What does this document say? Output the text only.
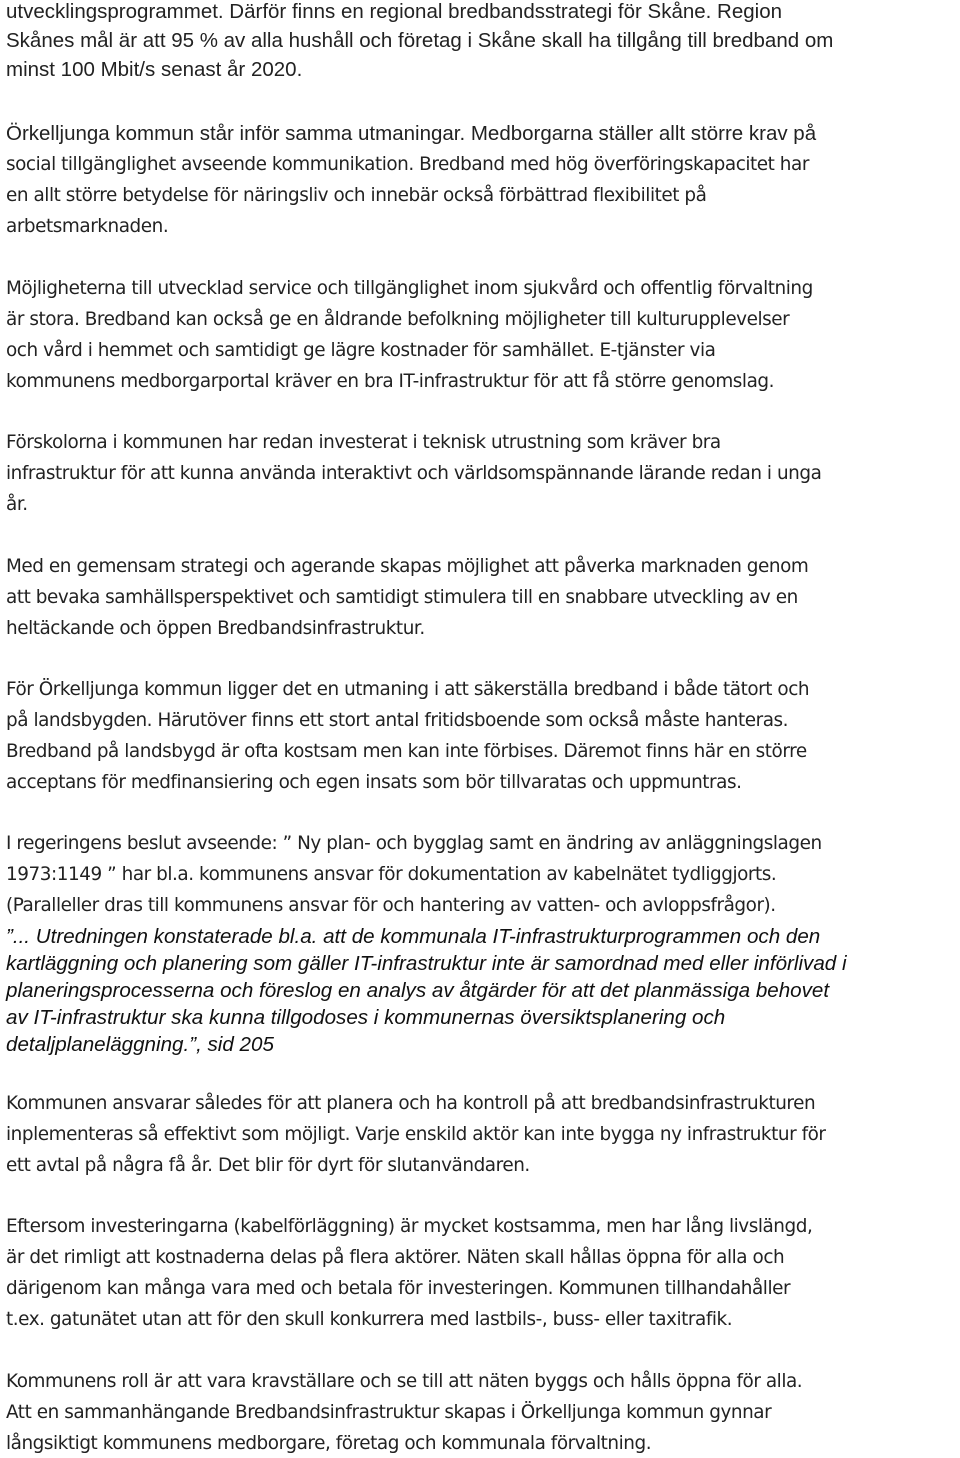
utvecklingsprogrammet. Därför finns en regional bredbandsstrategi för Skåne. Region
Skånes mål är att 95 % av alla hushåll och företag i Skåne skall ha tillgång till bredband om
minst 100 Mbit/s senast år 2020.
Örkelljunga kommun står inför samma utmaningar. Medborgarna ställer allt större krav på
social tillgänglighet avseende kommunikation. Bredband med hög överföringskapacitet har
en allt större betydelse för näringsliv och innebär också förbättrad flexibilitet på
arbetsmarknaden.
Möjligheterna till utvecklad service och tillgänglighet inom sjukvård och offentlig förvaltning
är stora. Bredband kan också ge en åldrande befolkning möjligheter till kulturupplevelser
och vård i hemmet och samtidigt ge lägre kostnader för samhället. E-tjänster via
kommunens medborgarportal kräver en bra IT-infrastruktur för att få större genomslag.
Förskolorna i kommunen har redan investerat i teknisk utrustning som kräver bra
infrastruktur för att kunna använda interaktivt och världsomspännande lärande redan i unga
år.
Med en gemensam strategi och agerande skapas möjlighet att påverka marknaden genom
att bevaka samhällsperspektivet och samtidigt stimulera till en snabbare utveckling av en
heltäckande och öppen Bredbandsinfrastruktur.
För Örkelljunga kommun ligger det en utmaning i att säkerställa bredband i både tätort och
på landsbygden. Härutöver finns ett stort antal fritidsboende som också måste hanteras.
Bredband på landsbygd är ofta kostsam men kan inte förbises. Däremot finns här en större
acceptans för medfinansiering och egen insats som bör tillvaratas och uppmuntras.
I regeringens beslut avseende: ” Ny plan- och bygglag samt en ändring av anläggningslagen
1973:1149 ” har bl.a. kommunens ansvar för dokumentation av kabelnätet tydliggjorts.
(Paralleller dras till kommunens ansvar för och hantering av vatten- och avloppsfrågor).
”... Utredningen konstaterade bl.a. att de kommunala IT-infrastrukturprogrammen och den
kartläggning och planering som gäller IT-infrastruktur inte är samordnad med eller införlivad i
planeringsprocesserna och föreslog en analys av åtgärder för att det planmässiga behovet
av IT-infrastruktur ska kunna tillgodoses i kommunernas översiktsplanering och
detaljplaneläggning.”, sid 205
Kommunen ansvarar således för att planera och ha kontroll på att bredbandsinfrastrukturen
inplementeras så effektivt som möjligt. Varje enskild aktör kan inte bygga ny infrastruktur för
ett avtal på några få år. Det blir för dyrt för slutanvändaren.
Eftersom investeringarna (kabelförläggning) är mycket kostsamma, men har lång livslängd,
är det rimligt att kostnaderna delas på flera aktörer. Näten skall hållas öppna för alla och
därigenom kan många vara med och betala för investeringen. Kommunen tillhandahåller
t.ex. gatunätet utan att för den skull konkurrera med lastbils-, buss- eller taxitrafik.
Kommunens roll är att vara kravställare och se till att näten byggs och hålls öppna för alla.
Att en sammanhängande Bredbandsinfrastruktur skapas i Örkelljunga kommun gynnar
långsiktigt kommunens medborgare, företag och kommunala förvaltning.
